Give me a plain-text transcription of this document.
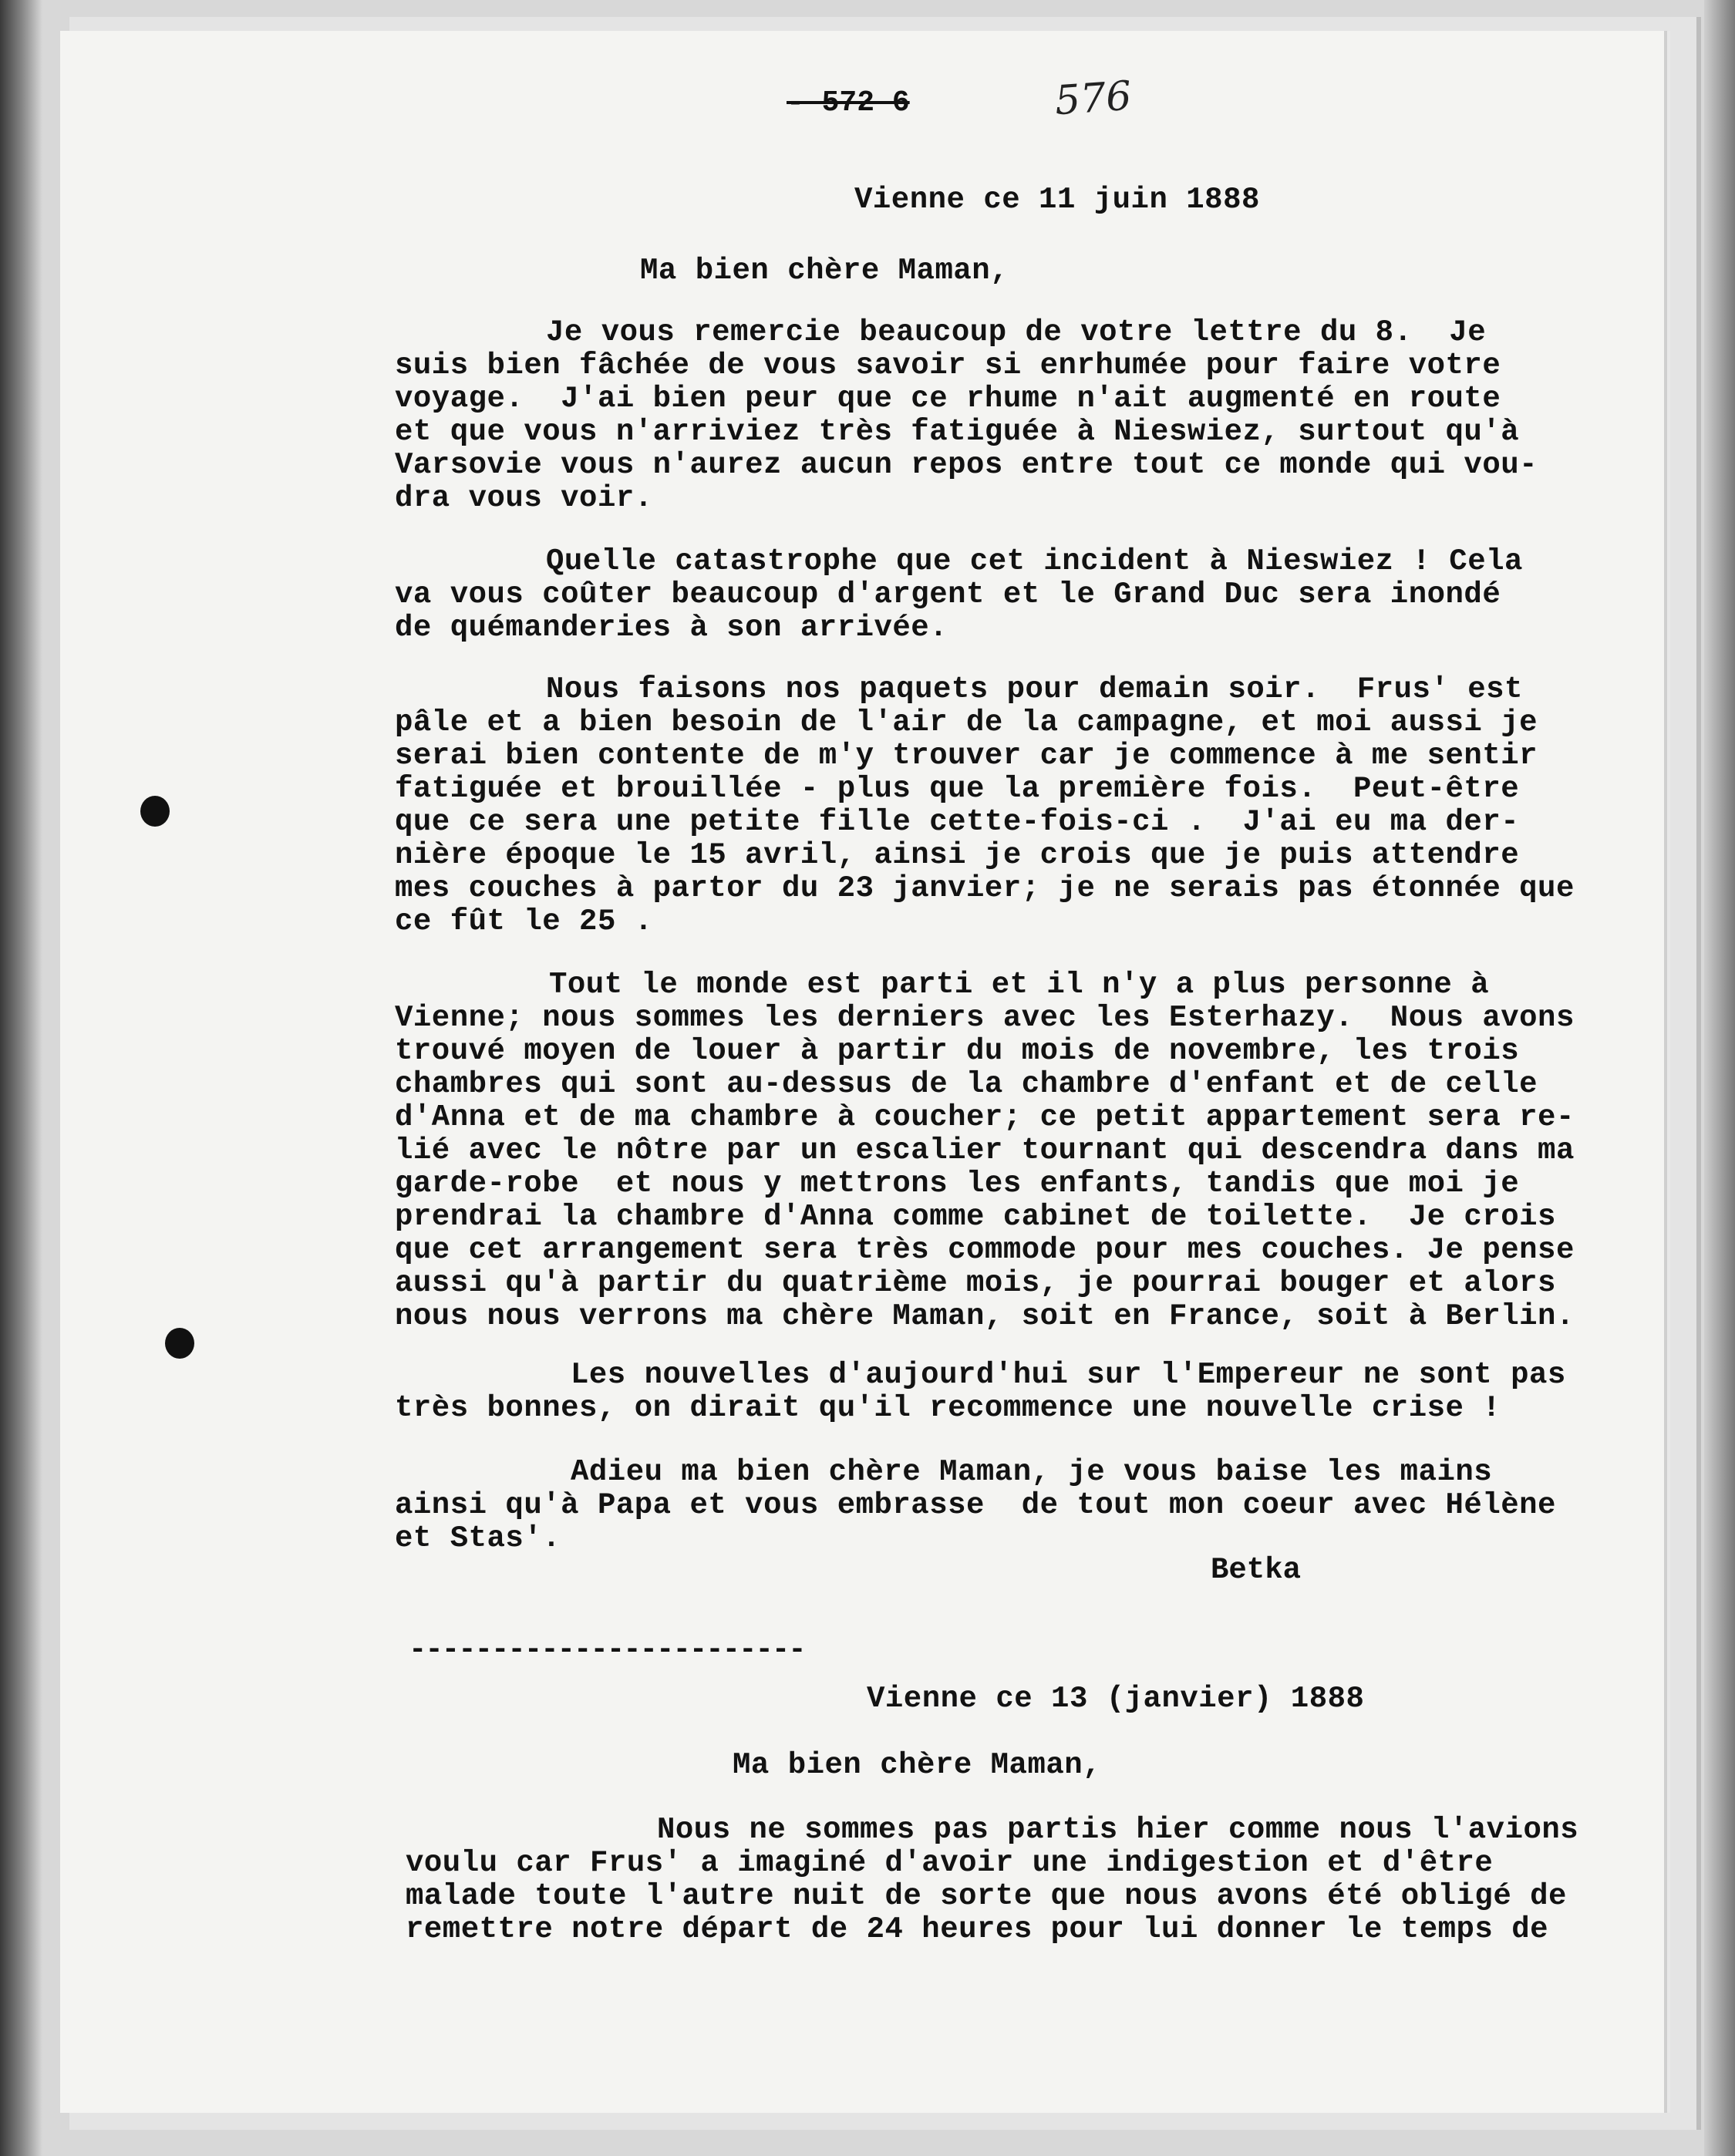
- 572 6	576
Vienne ce 11 juin 1888
Ma bien chère Maman,
Je vous remercie beaucoup de votre lettre du 8.  Je
suis bien fâchée de vous savoir si enrhumée pour faire votre
voyage.  J'ai bien peur que ce rhume n'ait augmenté en route
et que vous n'arriviez très fatiguée à Nieswiez, surtout qu'à
Varsovie vous n'aurez aucun repos entre tout ce monde qui vou-
dra vous voir.
Quelle catastrophe que cet incident à Nieswiez ! Cela
va vous coûter beaucoup d'argent et le Grand Duc sera inondé
de quémanderies à son arrivée.
Nous faisons nos paquets pour demain soir.  Frus' est
pâle et a bien besoin de l'air de la campagne, et moi aussi je
serai bien contente de m'y trouver car je commence à me sentir
fatiguée et brouillée - plus que la première fois.  Peut-être
que ce sera une petite fille cette-fois-ci .  J'ai eu ma der-
nière époque le 15 avril, ainsi je crois que je puis attendre
mes couches à partor du 23 janvier; je ne serais pas étonnée que
ce fût le 25 .
Tout le monde est parti et il n'y a plus personne à
Vienne; nous sommes les derniers avec les Esterhazy.  Nous avons
trouvé moyen de louer à partir du mois de novembre, les trois
chambres qui sont au-dessus de la chambre d'enfant et de celle
d'Anna et de ma chambre à coucher; ce petit appartement sera re-
lié avec le nôtre par un escalier tournant qui descendra dans ma
garde-robe  et nous y mettrons les enfants, tandis que moi je
prendrai la chambre d'Anna comme cabinet de toilette.  Je crois
que cet arrangement sera très commode pour mes couches. Je pense
aussi qu'à partir du quatrième mois, je pourrai bouger et alors
nous nous verrons ma chère Maman, soit en France, soit à Berlin.
Les nouvelles d'aujourd'hui sur l'Empereur ne sont pas
très bonnes, on dirait qu'il recommence une nouvelle crise !
Adieu ma bien chère Maman, je vous baise les mains
ainsi qu'à Papa et vous embrasse  de tout mon coeur avec Hélène
et Stas'.
Betka
------------------------
Vienne ce 13 (janvier) 1888
Ma bien chère Maman,
Nous ne sommes pas partis hier comme nous l'avions
voulu car Frus' a imaginé d'avoir une indigestion et d'être
malade toute l'autre nuit de sorte que nous avons été obligé de
remettre notre départ de 24 heures pour lui donner le temps de
